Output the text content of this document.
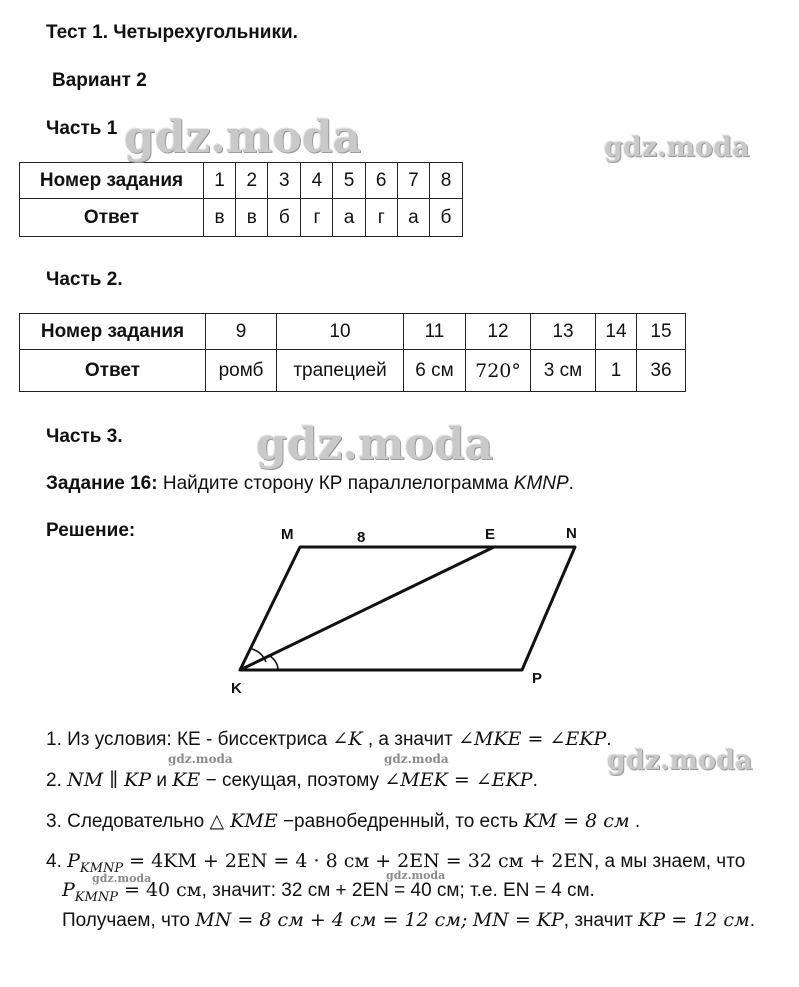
Тест 1. Четырехугольники.
Вариант 2
Часть 1
Номер задания	1	2	3	4	5	6	7	8
Ответ	в	в	б	г	а	г	а	б
Часть 2.
Номер задания	9	10	11	12	13	14	15
Ответ	ромб	трапецией	6 см	720°	3 см	1	36
Часть 3.
Задание 16: Найдите сторону КР параллелограмма KMNP.
Решение:	M	8	E	N
K
P
1. Из условия: КЕ - биссектриса ∠K , а значит ∠MKE = ∠EKP.
2. NM ∥ KP и KE − секущая, поэтому ∠MEK = ∠EKP.
3. Следовательно △ KME −равнобедренный, то есть KM = 8 см .
4. $P_{KMNP} = 4KM + 2EN = 4 \cdot 8$ см + 2EN = 32 см + 2EN, а мы знаем, что
$P_{KMNP} = 40$ см, значит: 32 см + 2EN = 40 см; т.е. EN = 4 см.
Получаем, что MN = 8 см + 4 см = 12 см; MN = KP, значит KP = 12 см.
gdz.moda	gdz.moda
gdz.moda
gdz.moda
gdz.moda	gdz.moda
gdz.moda	gdz.moda
